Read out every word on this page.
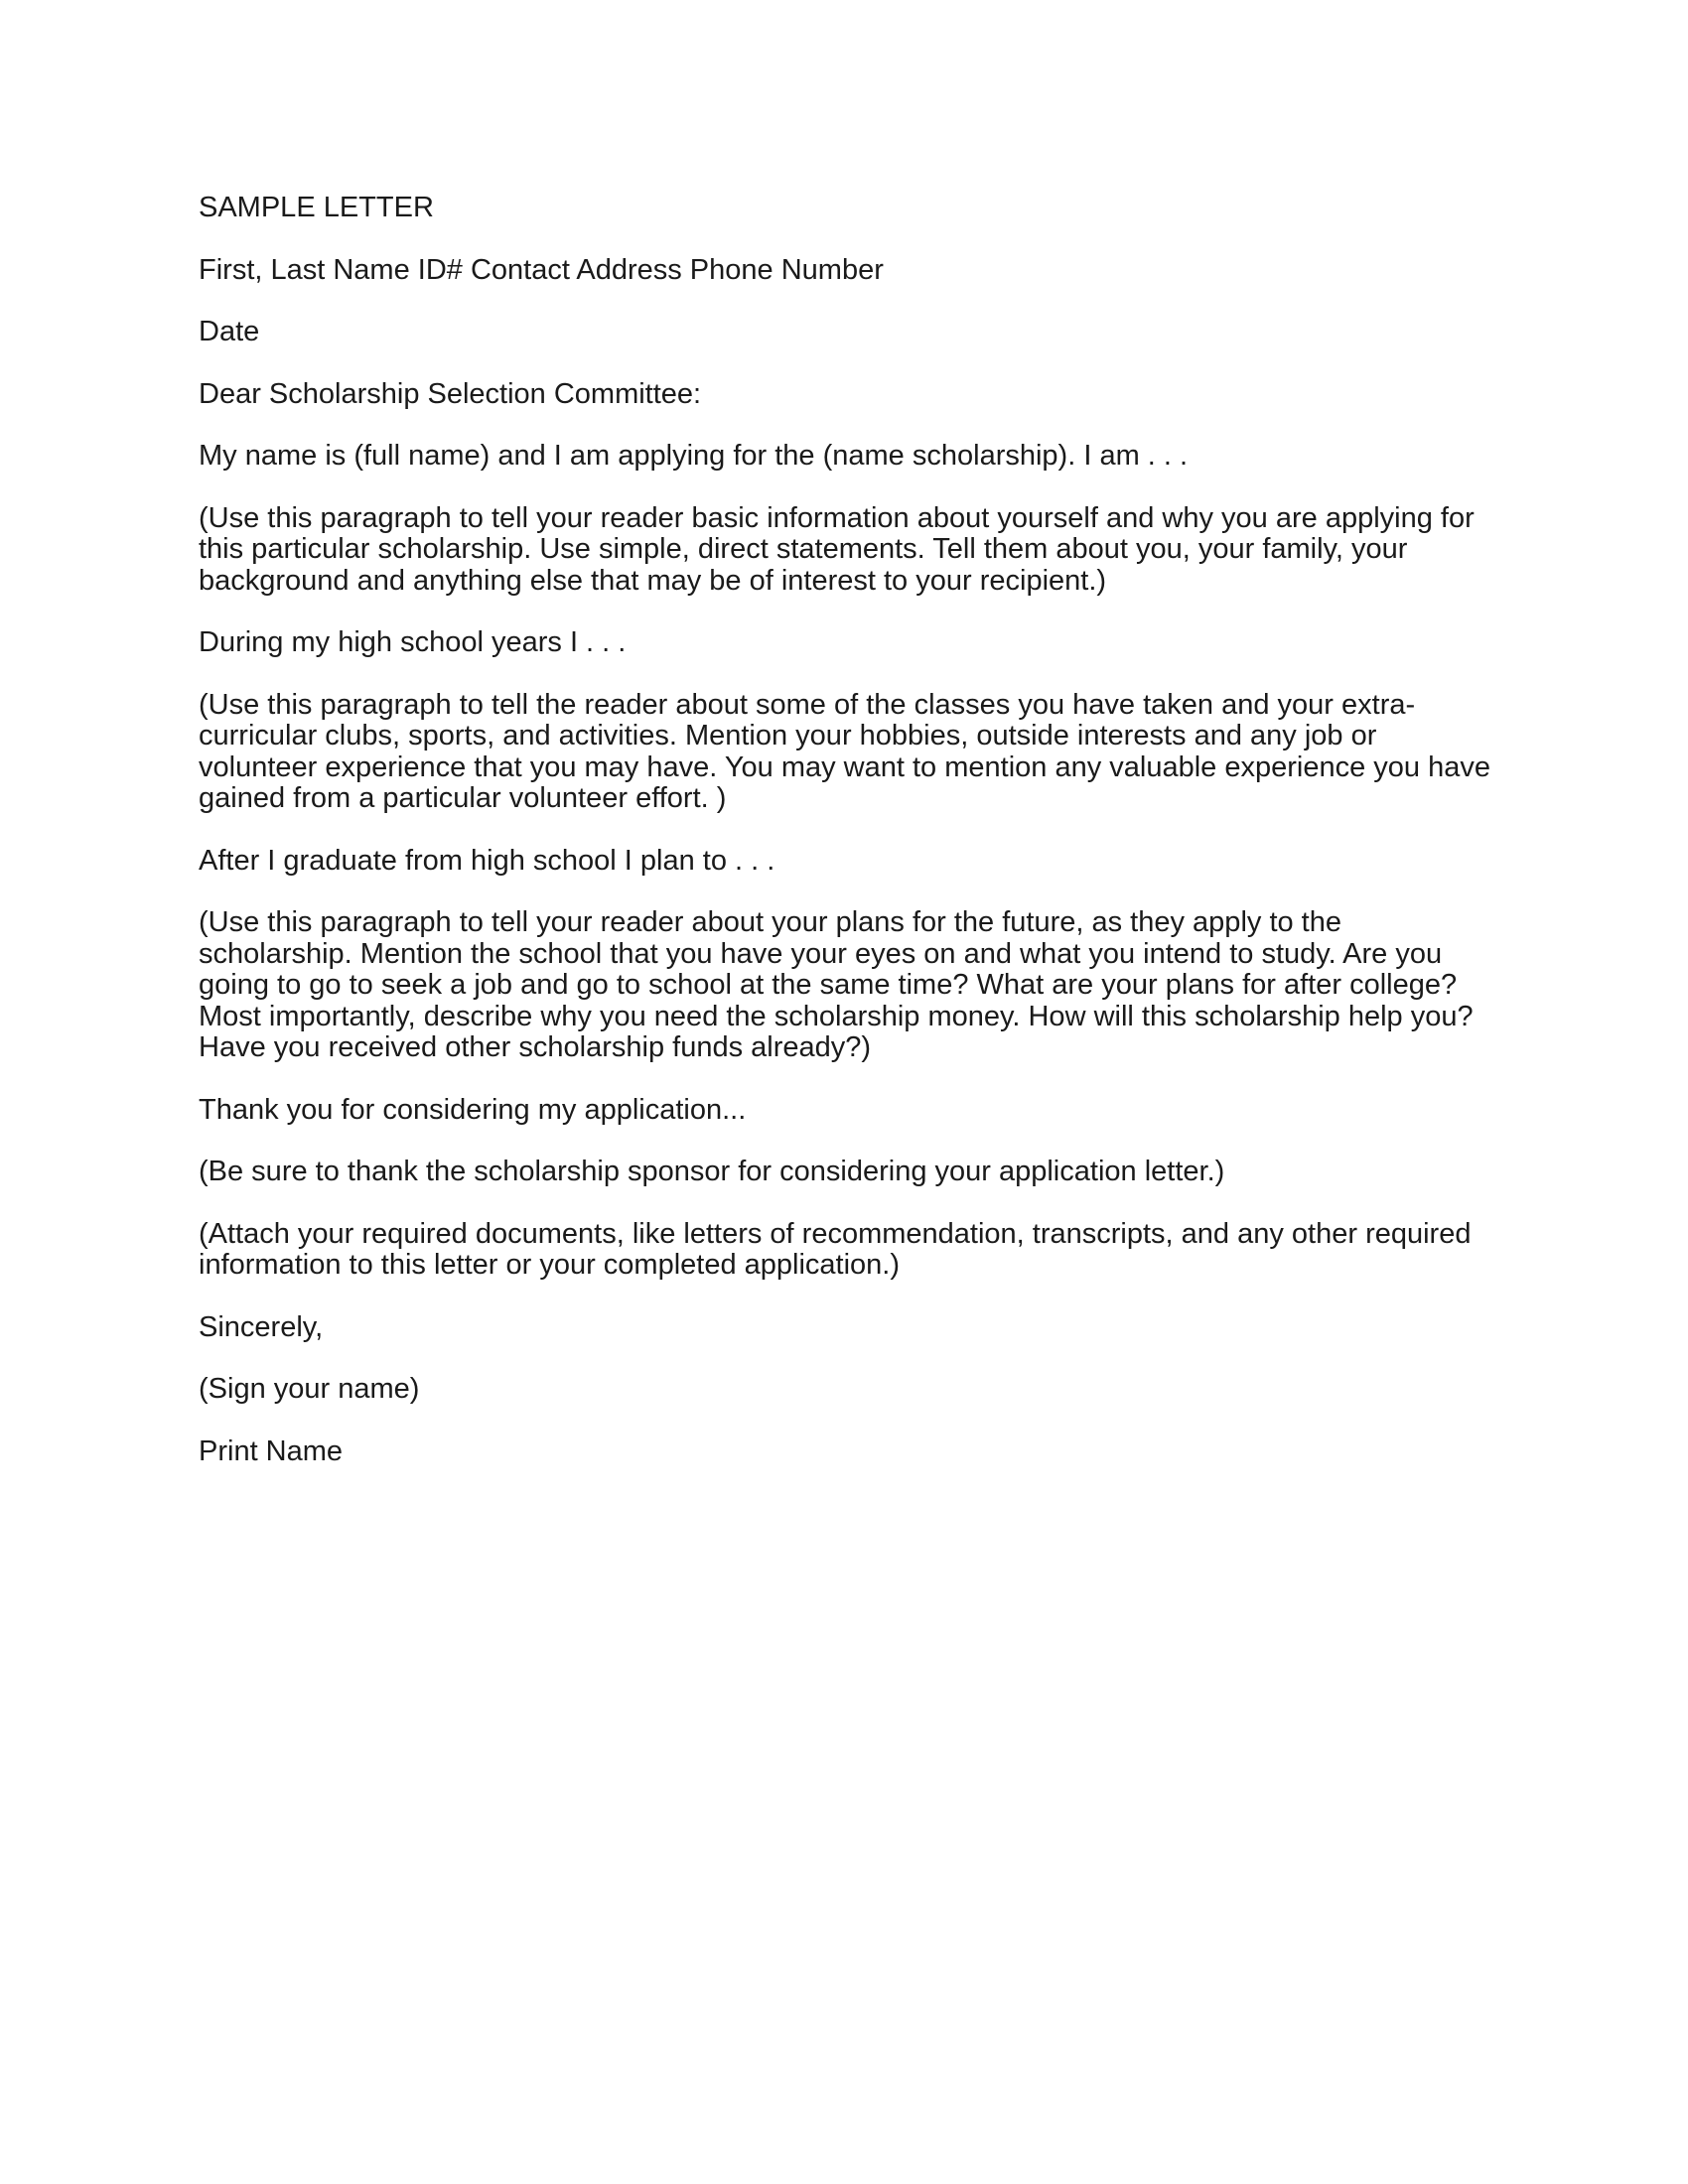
SAMPLE LETTER

First, Last Name ID# Contact Address Phone Number

Date

Dear Scholarship Selection Committee:

My name is (full name) and I am applying for the (name scholarship). I am . . .

(Use this paragraph to tell your reader basic information about yourself and why you are applying for this particular scholarship. Use simple, direct statements. Tell them about you, your family, your background and anything else that may be of interest to your recipient.)

During my high school years I . . .

(Use this paragraph to tell the reader about some of the classes you have taken and your extra-curricular clubs, sports, and activities. Mention your hobbies, outside interests and any job or volunteer experience that you may have. You may want to mention any valuable experience you have gained from a particular volunteer effort. )

After I graduate from high school I plan to . . .

(Use this paragraph to tell your reader about your plans for the future, as they apply to the scholarship. Mention the school that you have your eyes on and what you intend to study. Are you going to go to seek a job and go to school at the same time? What are your plans for after college? Most importantly, describe why you need the scholarship money. How will this scholarship help you? Have you received other scholarship funds already?)

Thank you for considering my application...

(Be sure to thank the scholarship sponsor for considering your application letter.)

(Attach your required documents, like letters of recommendation, transcripts, and any other required information to this letter or your completed application.)

Sincerely,

(Sign your name)

Print Name
